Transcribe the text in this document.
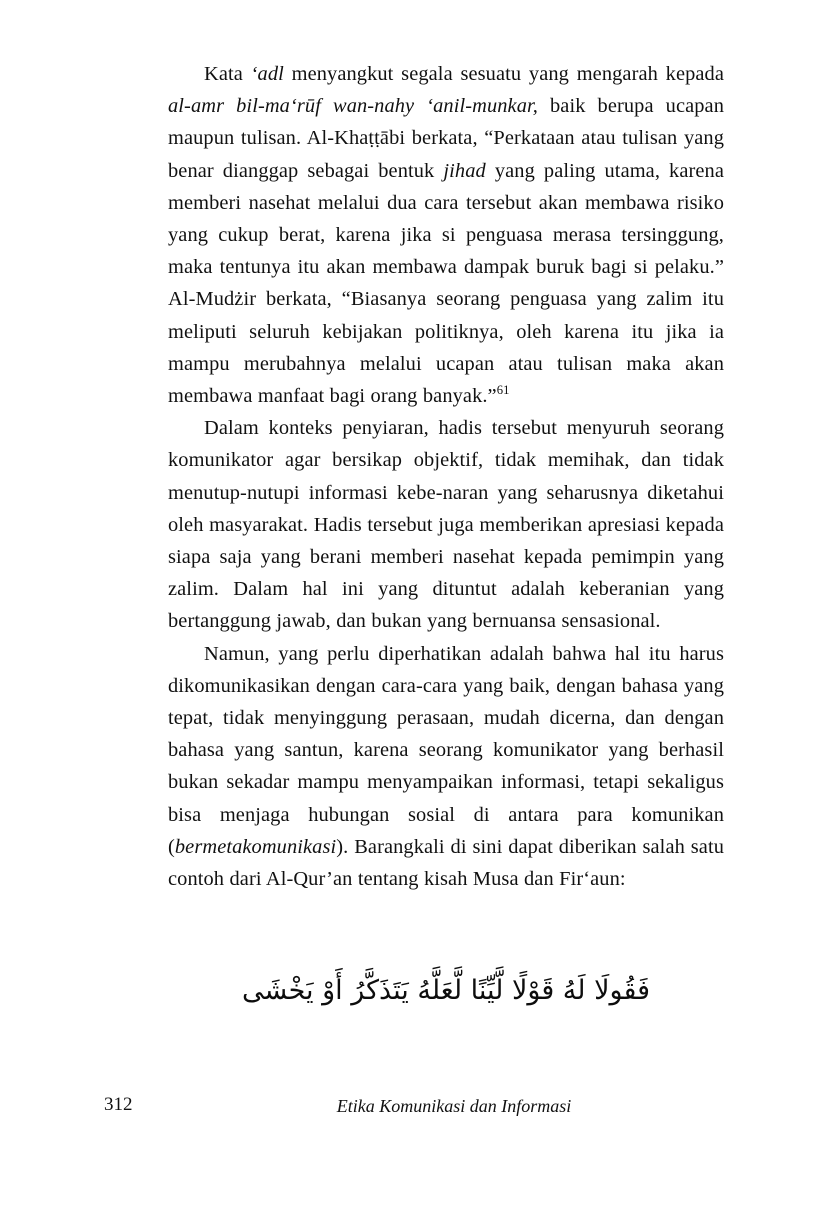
Kata ‘adl menyangkut segala sesuatu yang mengarah kepada al-amr bil-ma‘rūf wan-nahy ‘anil-munkar, baik berupa ucapan maupun tulisan. Al-Khaṭṭābi berkata, “Perkataan atau tulisan yang benar dianggap sebagai bentuk jihad yang paling utama, karena memberi nasehat melalui dua cara tersebut akan membawa risiko yang cukup berat, karena jika si penguasa merasa tersinggung, maka tentunya itu akan membawa dampak buruk bagi si pelaku.” Al-Mudżir berkata, “Biasanya seorang penguasa yang zalim itu meliputi seluruh kebijakan politiknya, oleh karena itu jika ia mampu merubahnya melalui ucapan atau tulisan maka akan membawa manfaat bagi orang banyak.”$^{61}$

Dalam konteks penyiaran, hadis tersebut menyuruh seorang komunikator agar bersikap objektif, tidak memihak, dan tidak menutup-nutupi informasi kebe-naran yang seharusnya diketahui oleh masyarakat. Hadis tersebut juga memberikan apresiasi kepada siapa saja yang berani memberi nasehat kepada pemimpin yang zalim. Dalam hal ini yang dituntut adalah keberanian yang bertanggung jawab, dan bukan yang bernuansa sensasional.

Namun, yang perlu diperhatikan adalah bahwa hal itu harus dikomunikasikan dengan cara-cara yang baik, dengan bahasa yang tepat, tidak menyinggung perasaan, mudah dicerna, dan dengan bahasa yang santun, karena seorang komunikator yang berhasil bukan sekadar mampu menyampaikan informasi, tetapi sekaligus bisa menjaga hubungan sosial di antara para komunikan (bermetakomunikasi). Barangkali di sini dapat diberikan salah satu contoh dari Al-Qur’an tentang kisah Musa dan Fir‘aun:

فَقُولَا لَهُ قَوْلًا لَّيِّنًا لَّعَلَّهُ يَتَذَكَّرُ أَوْ يَخْشَى
312	Etika Komunikasi dan Informasi
